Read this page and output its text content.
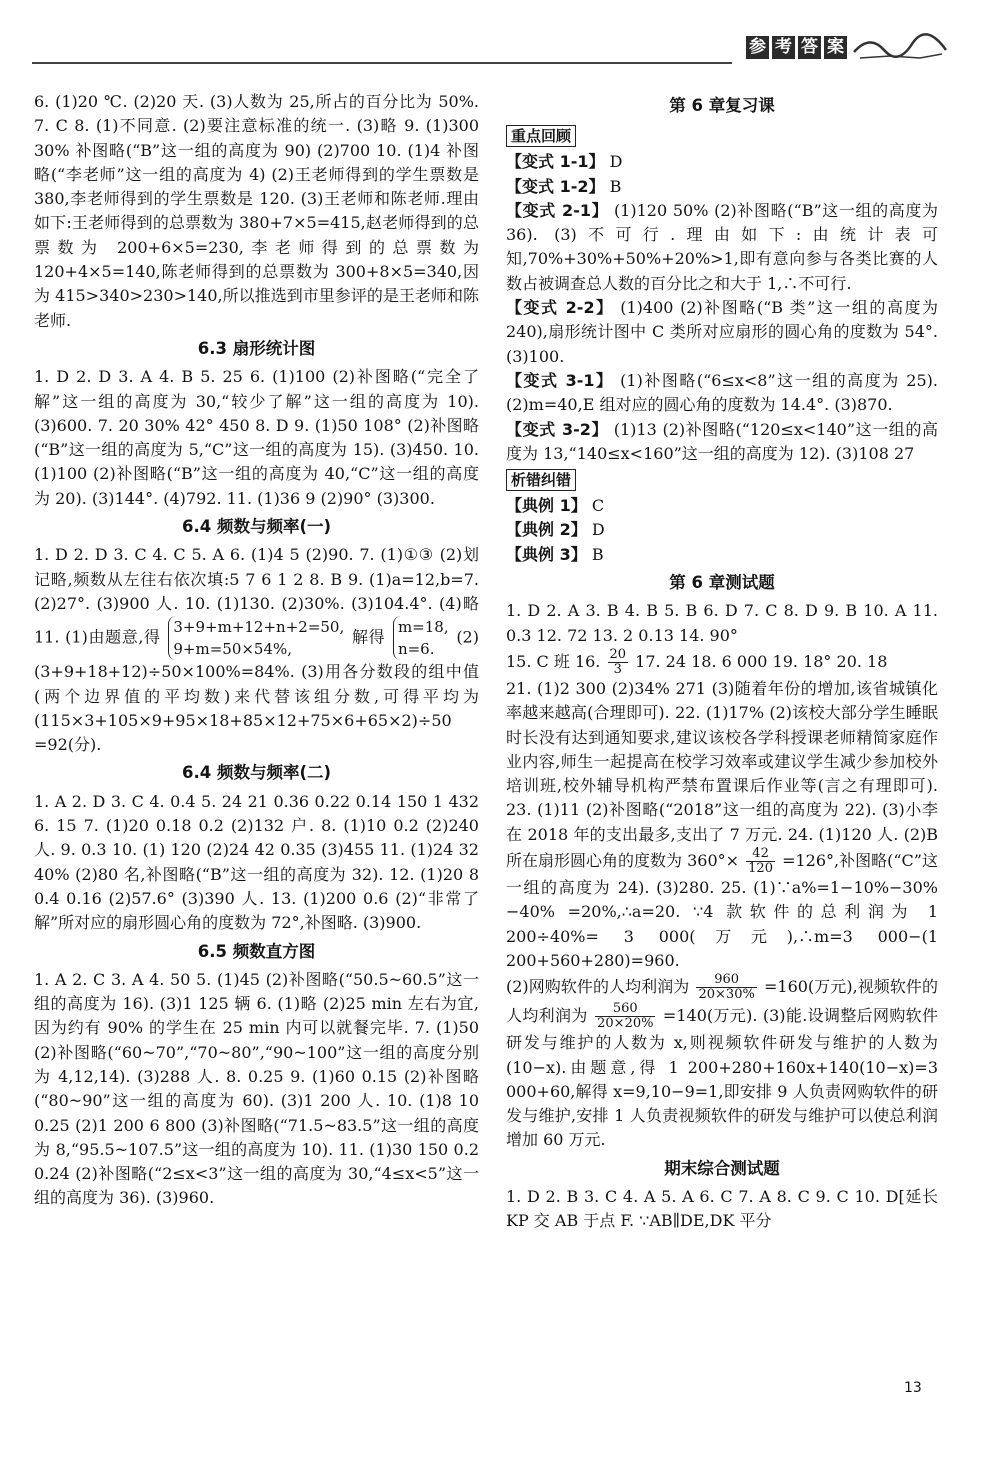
参 考 答 案

6. (1)20 ℃. (2)20 天. (3)人数为 25,所占的百分比为 50%. 7. C 8. (1)不同意. (2)要注意标准的统一. (3)略 9. (1)300 30% 补图略(“B”这一组的高度为 90) (2)700 10. (1)4 补图略(“李老师”这一组的高度为 4) (2)王老师得到的学生票数是 380,李老师得到的学生票数是 120. (3)王老师和陈老师.理由如下:王老师得到的总票数为 380+7×5=415,赵老师得到的总票数为 200+6×5=230,李老师得到的总票数为 120+4×5=140,陈老师得到的总票数为 300+8×5=340,因为 415>340>230>140,所以推选到市里参评的是王老师和陈老师.

6.3 扇形统计图

1. D 2. D 3. A 4. B 5. 25 6. (1)100 (2)补图略(“完全了解”这一组的高度为 30,“较少了解”这一组的高度为 10). (3)600. 7. 20 30% 42° 450 8. D 9. (1)50 108° (2)补图略(“B”这一组的高度为 5,“C”这一组的高度为 15). (3)450. 10. (1)100 (2)补图略(“B”这一组的高度为 40,“C”这一组的高度为 20). (3)144°. (4)792. 11. (1)36 9 (2)90° (3)300.

6.4 频数与频率(一)

1. D 2. D 3. C 4. C 5. A 6. (1)4 5 (2)90. 7. (1)①③ (2)划记略,频数从左往右依次填:5 7 6 1 2 8. B 9. (1)a=12,b=7. (2)27°. (3)900 人. 10. (1)130. (2)30%. (3)104.4°. (4)略 11. (1)由题意,得
3+9+m+12+n+2=50,
9+m=50×54%,
解得
m=18,
n=6.
(2)(3+9+18+12)÷50×100%=84%. (3)用各分数段的组中值(两个边界值的平均数)来代替该组分数,可得平均为 (115×3+105×9+95×18+85×12+75×6+65×2)÷50 =92(分).

6.4 频数与频率(二)

1. A 2. D 3. C 4. 0.4 5. 24 21 0.36 0.22 0.14 150 1 432 6. 15 7. (1)20 0.18 0.2 (2)132 户. 8. (1)10 0.2 (2)240 人. 9. 0.3 10. (1) 120 (2)24 42 0.35 (3)455 11. (1)24 32 40% (2)80 名,补图略(“B”这一组的高度为 32). 12. (1)20 8 0.4 0.16 (2)57.6° (3)390 人. 13. (1)200 0.6 (2)“非常了解”所对应的扇形圆心角的度数为 72°,补图略. (3)900.

6.5 频数直方图

1. A 2. C 3. A 4. 50 5. (1)45 (2)补图略(“50.5~60.5”这一组的高度为 16). (3)1 125 辆 6. (1)略 (2)25 min 左右为宜,因为约有 90% 的学生在 25 min 内可以就餐完毕. 7. (1)50 (2)补图略(“60~70”,“70~80”,“90~100”这一组的高度分别为 4,12,14). (3)288 人. 8. 0.25 9. (1)60 0.15 (2)补图略(“80~90”这一组的高度为 60). (3)1 200 人. 10. (1)8 10 0.25 (2)1 200 6 800 (3)补图略(“71.5~83.5”这一组的高度为 8,“95.5~107.5”这一组的高度为 10). 11. (1)30 150 0.2 0.24 (2)补图略(“2≤x<3”这一组的高度为 30,“4≤x<5”这一组的高度为 36). (3)960.

第 6 章复习课
重点回顾

【变式 1-1】 D

【变式 1-2】 B

【变式 2-1】 (1)120 50% (2)补图略(“B”这一组的高度为 36). (3)不可行.理由如下:由统计表可知,70%+30%+50%+20%>1,即有意向参与各类比赛的人数占被调查总人数的百分比之和大于 1,∴不可行.

【变式 2-2】 (1)400 (2)补图略(“B 类”这一组的高度为 240),扇形统计图中 C 类所对应扇形的圆心角的度数为 54°. (3)100.

【变式 3-1】 (1)补图略(“6≤x<8”这一组的高度为 25). (2)m=40,E 组对应的圆心角的度数为 14.4°. (3)870.

【变式 3-2】 (1)13 (2)补图略(“120≤x<140”这一组的高度为 13,“140≤x<160”这一组的高度为 12). (3)108 27

析错纠错

【典例 1】 C

【典例 2】 D

【典例 3】 B

第 6 章测试题

1. D 2. A 3. B 4. B 5. B 6. D 7. C 8. D 9. B 10. A 11. 0.3 12. 72 13. 2 0.13 14. 90°

15. C 班 16. $\frac{20}{3} 17$. 24 18. 6 000 19. 18° 20. 18

21. (1)2 300 (2)34% 271 (3)随着年份的增加,该省城镇化率越来越高(合理即可). 22. (1)17% (2)该校大部分学生睡眠时长没有达到通知要求,建议该校各学科授课老师精简家庭作业内容,师生一起提高在校学习效率或建议学生减少参加校外培训班,校外辅导机构严禁布置课后作业等(言之有理即可). 23. (1)11 (2)补图略(“2018”这一组的高度为 22). (3)小李在 2018 年的支出最多,支出了 7 万元. 24. (1)120 人. (2)B 所在扇形圆心角的度数为 $360^\circ\times \frac{42}{120} =126^\circ$,补图略(“C”这一组的高度为 24). (3)280. 25. (1)∵a%=1−10%−30%−40% =20%,∴a=20. ∵4 款软件的总利润为 1 200÷40%= 3 000(万元),∴m=3 000−(1 200+560+280)=960.

(2)网购软件的人均利润为 $\frac{960}{20\times 30\%} =160$(万元),视频软件的人均利润为 $\frac{560}{20\times 20\%} =140$(万元). (3)能.设调整后网购软件研发与维护的人数为 x,则视频软件研发与维护的人数为(10−x).由题意,得 1 200+280+160x+140(10−x)=3 000+60,解得 x=9,10−9=1,即安排 9 人负责网购软件的研发与维护,安排 1 人负责视频软件的研发与维护可以使总利润增加 60 万元.

期末综合测试题

1. D 2. B 3. C 4. A 5. A 6. C 7. A 8. C 9. C 10. D[延长 KP 交 AB 于点 F. ∵AB∥DE,DK 平分

13
